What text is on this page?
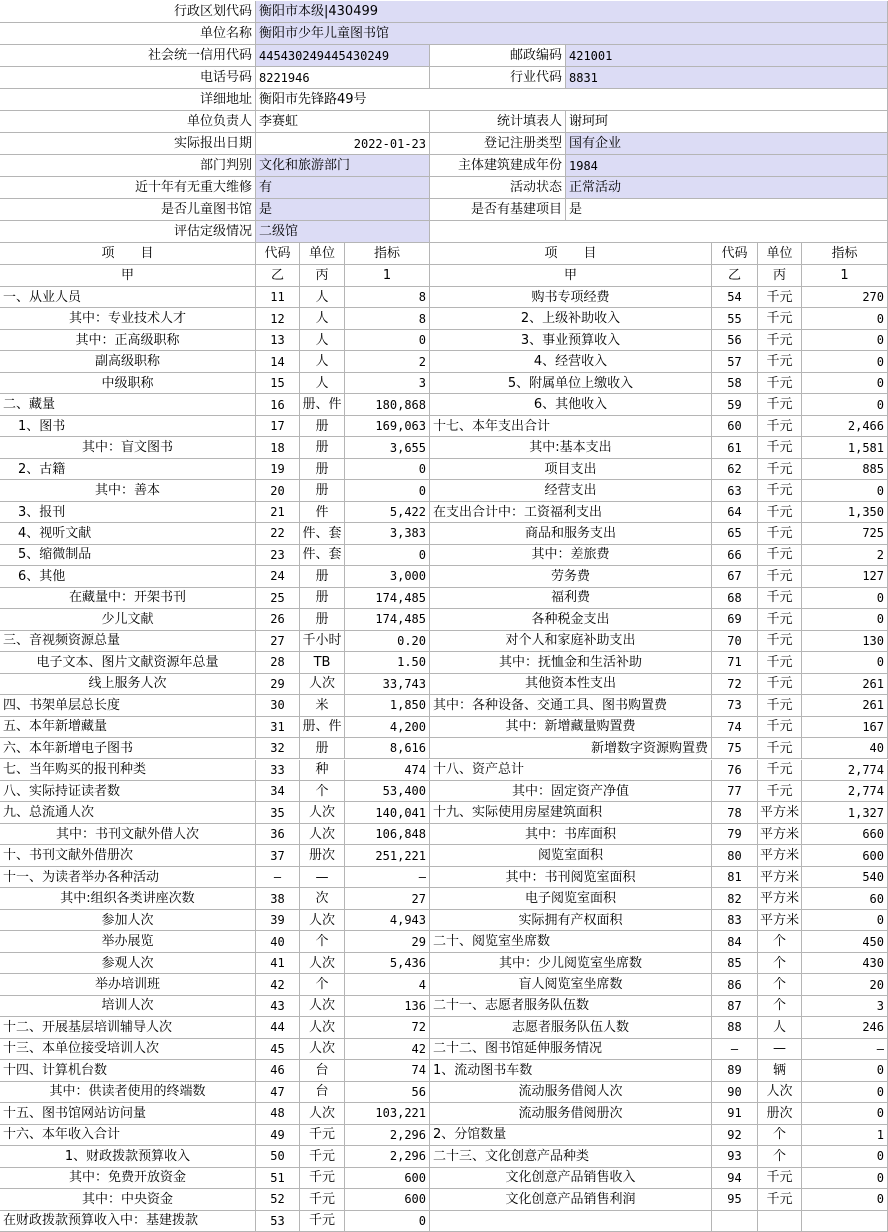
行政区划代码 衡阳市本级|430499
单位名称 衡阳市少年儿童图书馆
社会统一信用代码 445430249445430249	邮政编码 421001
电话号码 8221946	行业代码 8831
详细地址 衡阳市先锋路49号
单位负责人 李赛虹	统计填表人 谢珂珂
实际报出日期	2022-01-23	登记注册类型 国有企业
部门判别 文化和旅游部门	主体建筑建成年份 1984
近十年有无重大维修 有	活动状态 正常活动
是否儿童图书馆 是	是否有基建项目 是
评估定级情况 二级馆
项　　目	代码	单位	指标	项　　目	代码	单位	指标
甲	乙	丙	1	甲	乙	丙	1
一、从业人员	11	人	8	购书专项经费	54	千元	270
其中：专业技术人才	12	人	8	2、上级补助收入	55	千元	0
其中：正高级职称	13	人	0	3、事业预算收入	56	千元	0
副高级职称	14	人	2	4、经营收入	57	千元	0
中级职称	15	人	3	5、附属单位上缴收入	58	千元	0
二、藏量	16	册、件	180,868	6、其他收入	59	千元	0
1、图书	17	册	169,063 十七、本年支出合计	60	千元	2,466
其中：盲文图书	18	册	3,655	其中:基本支出	61	千元	1,581
2、古籍	19	册	0	项目支出	62	千元	885
其中：善本	20	册	0	经营支出	63	千元	0
3、报刊	21	件	5,422 在支出合计中：工资福利支出	64	千元	1,350
4、视听文献	22	件、套	3,383	商品和服务支出	65	千元	725
5、缩微制品	23	件、套	0	其中：差旅费	66	千元	2
6、其他	24	册	3,000	劳务费	67	千元	127
在藏量中：开架书刊	25	册	174,485	福利费	68	千元	0
少儿文献	26	册	174,485	各种税金支出	69	千元	0
三、音视频资源总量	27	千小时	0.20	对个人和家庭补助支出	70	千元	130
电子文本、图片文献资源年总量	28	TB	1.50	其中：抚恤金和生活补助	71	千元	0
线上服务人次	29	人次	33,743	其他资本性支出	72	千元	261
四、书架单层总长度	30	米	1,850 其中：各种设备、交通工具、图书购置费	73	千元	261
五、本年新增藏量	31	册、件	4,200	其中：新增藏量购置费	74	千元	167
六、本年新增电子图书	32	册	8,616	新增数字资源购置费	75	千元	40
七、当年购买的报刊种类	33	种	474 十八、资产总计	76	千元	2,774
八、实际持证读者数	34	个	53,400	其中：固定资产净值	77	千元	2,774
九、总流通人次	35	人次	140,041 十九、实际使用房屋建筑面积	78	平方米	1,327
其中：书刊文献外借人次	36	人次	106,848	其中：书库面积	79	平方米	660
十、书刊文献外借册次	37	册次	251,221	阅览室面积	80	平方米	600
十一、为读者举办各种活动	—	—	—	其中：书刊阅览室面积	81	平方米	540
其中:组织各类讲座次数	38	次	27	电子阅览室面积	82	平方米	60
参加人次	39	人次	4,943	实际拥有产权面积	83	平方米	0
举办展览	40	个	29 二十、阅览室坐席数	84	个	450
参观人次	41	人次	5,436	其中：少儿阅览室坐席数	85	个	430
举办培训班	42	个	4	盲人阅览室坐席数	86	个	20
培训人次	43	人次	136 二十一、志愿者服务队伍数	87	个	3
十二、开展基层培训辅导人次	44	人次	72	志愿者服务队伍人数	88	人	246
十三、本单位接受培训人次	45	人次	42 二十二、图书馆延伸服务情况	—	—	—
十四、计算机台数	46	台	74 1、流动图书车数	89	辆	0
其中：供读者使用的终端数	47	台	56	流动服务借阅人次	90	人次	0
十五、图书馆网站访问量	48	人次	103,221	流动服务借阅册次	91	册次	0
十六、本年收入合计	49	千元	2,296 2、分馆数量	92	个	1
1、财政拨款预算收入	50	千元	2,296 二十三、文化创意产品种类	93	个	0
其中：免费开放资金	51	千元	600	文化创意产品销售收入	94	千元	0
其中：中央资金	52	千元	600	文化创意产品销售利润	95	千元	0
在财政拨款预算收入中：基建拨款	53	千元	0
